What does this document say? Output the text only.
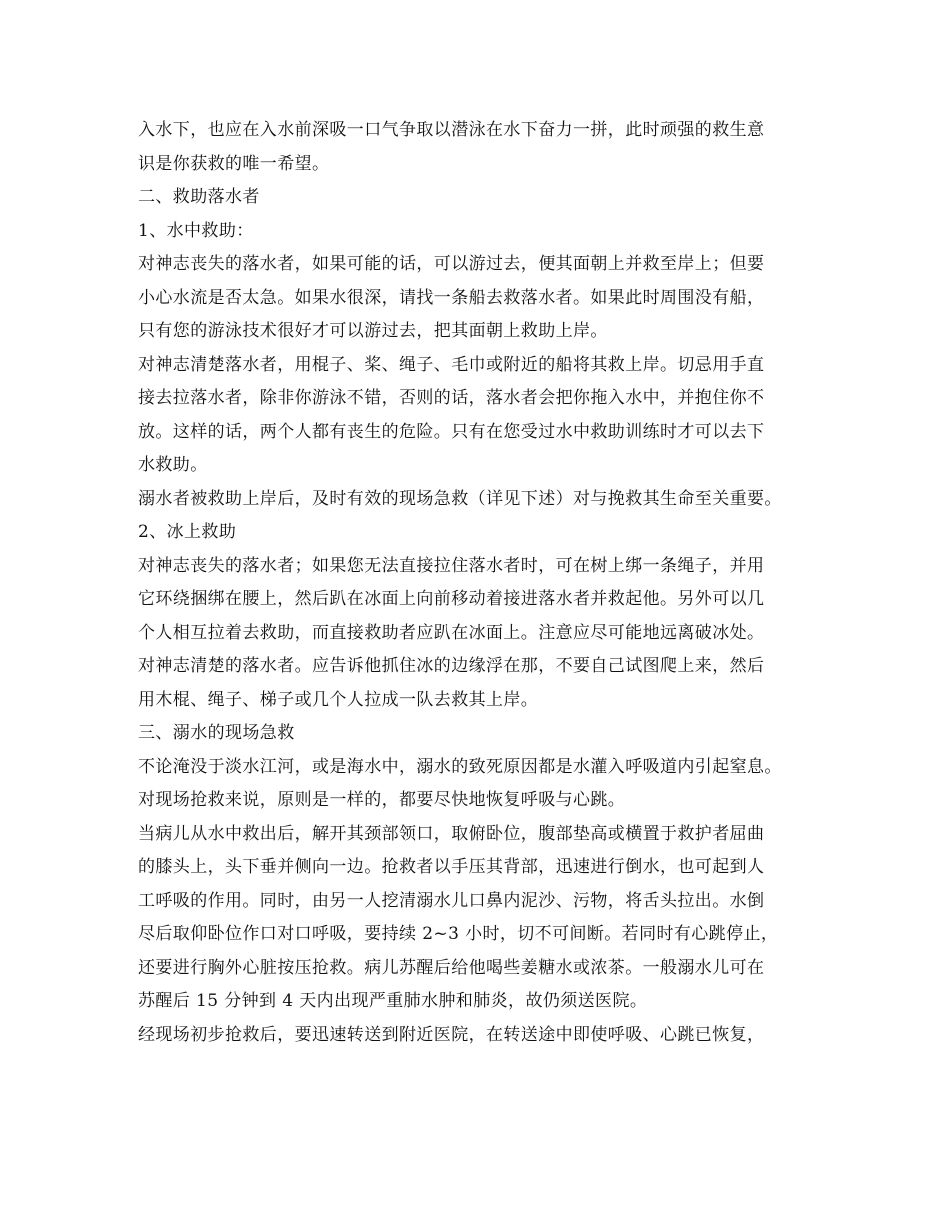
入水下，也应在入水前深吸一口气争取以潜泳在水下奋力一拼，此时顽强的救生意
识是你获救的唯一希望。
二、救助落水者
1、水中救助：
对神志丧失的落水者，如果可能的话，可以游过去，便其面朝上并救至岸上；但要
小心水流是否太急。如果水很深，请找一条船去救落水者。如果此时周围没有船，
只有您的游泳技术很好才可以游过去，把其面朝上救助上岸。
对神志清楚落水者，用棍子、桨、绳子、毛巾或附近的船将其救上岸。切忌用手直
接去拉落水者，除非你游泳不错，否则的话，落水者会把你拖入水中，并抱住你不
放。这样的话，两个人都有丧生的危险。只有在您受过水中救助训练时才可以去下
水救助。
溺水者被救助上岸后，及时有效的现场急救（详见下述）对与挽救其生命至关重要。
2、冰上救助
对神志丧失的落水者；如果您无法直接拉住落水者时，可在树上绑一条绳子，并用
它环绕捆绑在腰上，然后趴在冰面上向前移动着接进落水者并救起他。另外可以几
个人相互拉着去救助，而直接救助者应趴在冰面上。注意应尽可能地远离破冰处。
对神志清楚的落水者。应告诉他抓住冰的边缘浮在那，不要自己试图爬上来，然后
用木棍、绳子、梯子或几个人拉成一队去救其上岸。
三、溺水的现场急救
不论淹没于淡水江河，或是海水中，溺水的致死原因都是水灌入呼吸道内引起窒息。
对现场抢救来说，原则是一样的，都要尽快地恢复呼吸与心跳。
当病儿从水中救出后，解开其颈部领口，取俯卧位，腹部垫高或横置于救护者屈曲
的膝头上，头下垂并侧向一边。抢救者以手压其背部，迅速进行倒水，也可起到人
工呼吸的作用。同时，由另一人挖清溺水儿口鼻内泥沙、污物，将舌头拉出。水倒
尽后取仰卧位作口对口呼吸，要持续 2~3 小时，切不可间断。若同时有心跳停止，
还要进行胸外心脏按压抢救。病儿苏醒后给他喝些姜糖水或浓茶。一般溺水儿可在
苏醒后 15 分钟到 4 天内出现严重肺水肿和肺炎，故仍须送医院。
经现场初步抢救后，要迅速转送到附近医院，在转送途中即使呼吸、心跳已恢复，
